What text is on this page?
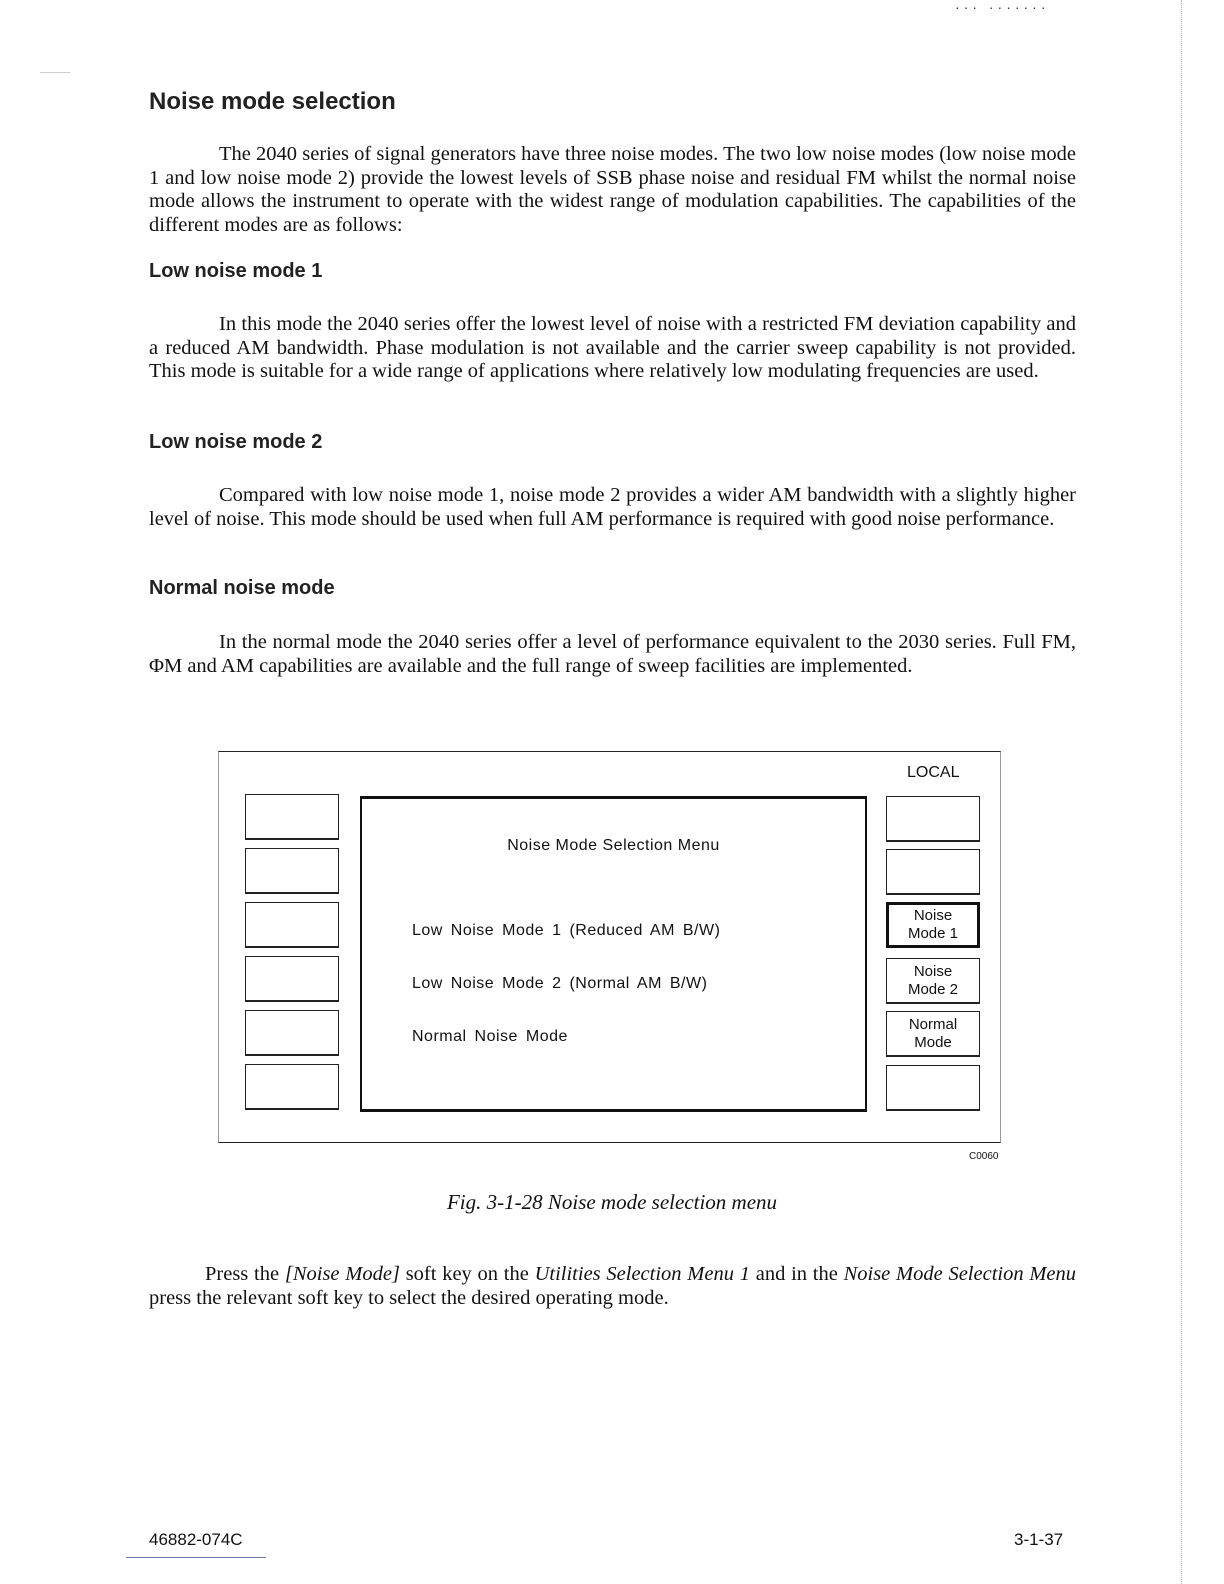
··· ·······
Noise mode selection

The 2040 series of signal generators have three noise modes. The two low noise modes (low noise mode 1 and low noise mode 2) provide the lowest levels of SSB phase noise and residual FM whilst the normal noise mode allows the instrument to operate with the widest range of modulation capabilities. The capabilities of the different modes are as follows:

Low noise mode 1

In this mode the 2040 series offer the lowest level of noise with a restricted FM deviation capability and a reduced AM bandwidth. Phase modulation is not available and the carrier sweep capability is not provided. This mode is suitable for a wide range of applications where relatively low modulating frequencies are used.

Low noise mode 2

Compared with low noise mode 1, noise mode 2 provides a wider AM bandwidth with a slightly higher level of noise. This mode should be used when full AM performance is required with good noise performance.

Normal noise mode

In the normal mode the 2040 series offer a level of performance equivalent to the 2030 series. Full FM, ΦM and AM capabilities are available and the full range of sweep facilities are implemented.

LOCAL
Noise Mode Selection Menu
Low Noise Mode 1 (Reduced AM B/W)
Low Noise Mode 2 (Normal AM B/W)
Normal Noise Mode
Noise
Mode 1
Noise
Mode 2
Normal
Mode
C0060
Fig. 3-1-28 Noise mode selection menu

Press the [Noise Mode] soft key on the Utilities Selection Menu 1 and in the Noise Mode Selection Menu press the relevant soft key to select the desired operating mode.

46882-074C	3-1-37
